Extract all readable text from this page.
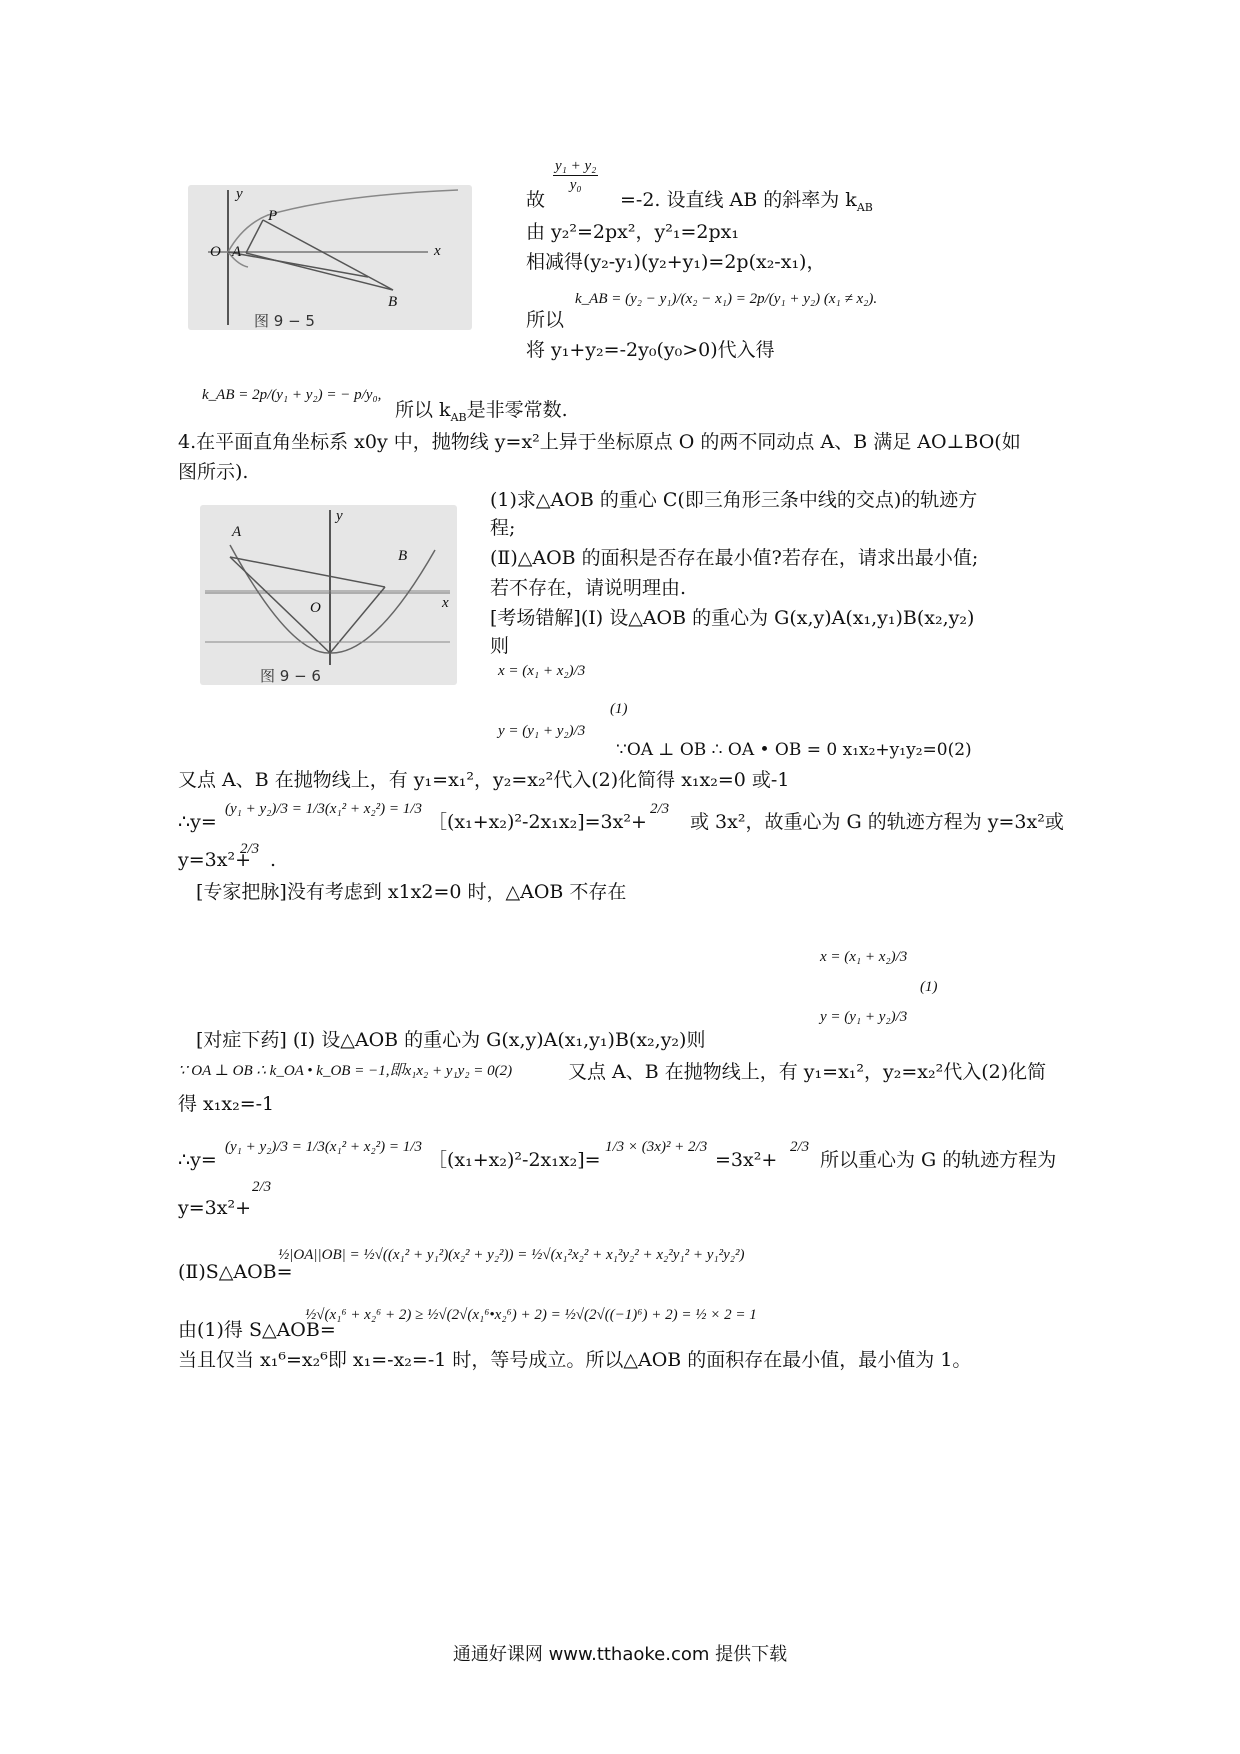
y
P
O A	x
B
图 9 − 5
$\frac{\text{y₁ + y₂}}{\text{y₀}}$
故	=-2. 设直线 AB 的斜率为 $k_{AB}$
由 y₂²=2px²，y²₁=2px₁
相减得(y₂-y₁)(y₂+y₁)=2p(x₂-x₁)，
k_AB = (y₂ − y₁)/(x₂ − x₁) = 2p/(y₁ + y₂) (x₁ ≠ x₂).
所以
将 y₁+y₂=-2y₀(y₀>0)代入得
k_AB = 2p/(y₁ + y₂) = − p/y₀,
所以 $k_{AB}$是非零常数.
4.在平面直角坐标系 x0y 中，抛物线 y=x²上异于坐标原点 O 的两不同动点 A、B 满足 AO⊥BO(如
图所示).
y
A
B
O	x
图 9 − 6
(1)求△AOB 的重心 C(即三角形三条中线的交点)的轨迹方
程;
(Ⅱ)△AOB 的面积是否存在最小值?若存在，请求出最小值;
若不存在，请说明理由.
[考场错解](Ⅰ) 设△AOB 的重心为 G(x,y)A(x₁,y₁)B(x₂,y₂)
则
x = (x₁ + x₂)/3
(1)
y = (y₁ + y₂)/3
∵OA ⊥ OB ∴ OA • OB = 0 x₁x₂+y₁y₂=0(2)
又点 A、B 在抛物线上，有 y₁=x₁²，y₂=x₂²代入(2)化简得 x₁x₂=0 或-1
∴y=
(y₁ + y₂)/3 = 1/3(x₁² + x₂²) = 1/3
［(x₁+x₂)²-2x₁x₂]=3x²+
2/3
或 3x²，故重心为 G 的轨迹方程为 y=3x²或
y=3x²+
2/3 .
[专家把脉]没有考虑到 x1x2=0 时，△AOB 不存在
x = (x₁ + x₂)/3
(1)
y = (y₁ + y₂)/3
[对症下药] (Ⅰ) 设△AOB 的重心为 G(x,y)A(x₁,y₁)B(x₂,y₂)则
∵ OA ⊥ OB ∴ k_OA • k_OB = −1,即x₁x₂ + y₁y₂ = 0(2)	又点 A、B 在抛物线上，有 y₁=x₁²，y₂=x₂²代入(2)化简
得 x₁x₂=-1
∴y=
(y₁ + y₂)/3 = 1/3(x₁² + x₂²) = 1/3
［(x₁+x₂)²-2x₁x₂]=
1/3 × (3x)² + 2/3
=3x²+
2/3
所以重心为 G 的轨迹方程为
y=3x²+
2/3
(Ⅱ)S△AOB=
½|OA||OB| = ½√((x₁² + y₁²)(x₂² + y₂²)) = ½√(x₁²x₂² + x₁²y₂² + x₂²y₁² + y₁²y₂²)
由(1)得 S△AOB=
½√(x₁⁶ + x₂⁶ + 2) ≥ ½√(2√(x₁⁶•x₂⁶) + 2) = ½√(2√((−1)⁶) + 2) = ½ × 2 = 1
当且仅当 x₁⁶=x₂⁶即 x₁=-x₂=-1 时，等号成立。所以△AOB 的面积存在最小值，最小值为 1。
通通好课网 www.tthaoke.com 提供下载
